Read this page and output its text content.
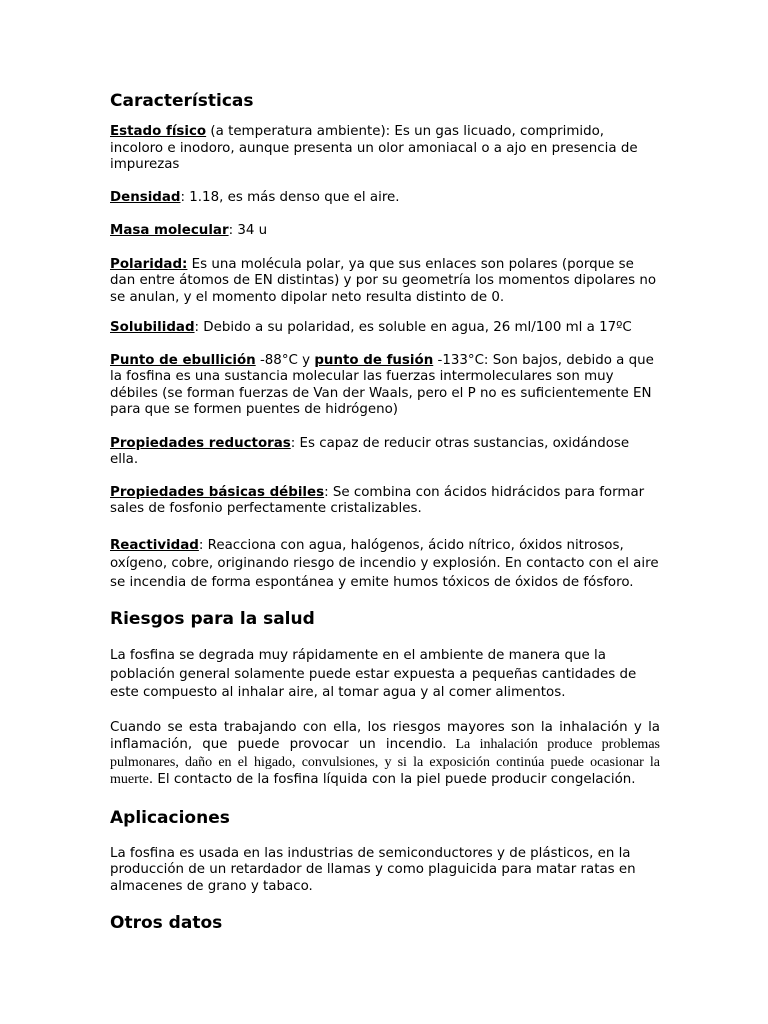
Características

Estado físico (a temperatura ambiente): Es un gas licuado, comprimido, incoloro e inodoro, aunque presenta un olor amoniacal o a ajo en presencia de impurezas

Densidad: 1.18, es más denso que el aire.

Masa molecular: 34 u

Polaridad: Es una molécula polar, ya que sus enlaces son polares (porque se dan entre átomos de EN distintas) y por su geometría los momentos dipolares no se anulan, y el momento dipolar neto resulta distinto de 0.

Solubilidad: Debido a su polaridad, es soluble en agua, 26 ml/100 ml a 17ºC

Punto de ebullición -88°C y punto de fusión -133°C: Son bajos, debido a que la fosfina es una sustancia molecular las fuerzas intermoleculares son muy débiles (se forman fuerzas de Van der Waals, pero el P no es suficientemente EN para que se formen puentes de hidrógeno)

Propiedades reductoras: Es capaz de reducir otras sustancias, oxidándose ella.

Propiedades básicas débiles: Se combina con ácidos hidrácidos para formar sales de fosfonio perfectamente cristalizables.

Reactividad: Reacciona con agua, halógenos, ácido nítrico, óxidos nitrosos, oxígeno, cobre, originando riesgo de incendio y explosión. En contacto con el aire se incendia de forma espontánea y emite humos tóxicos de óxidos de fósforo.

Riesgos para la salud

La fosfina se degrada muy rápidamente en el ambiente de manera que la población general solamente puede estar expuesta a pequeñas cantidades de este compuesto al inhalar aire, al tomar agua y al comer alimentos.

Cuando se esta trabajando con ella, los riesgos mayores son la inhalación y la inflamación, que puede provocar un incendio. La inhalación produce problemas pulmonares, daño en el higado, convulsiones, y si la exposición continúa puede ocasionar la muerte. El contacto de la fosfina líquida con la piel puede producir congelación.

Aplicaciones

La fosfina es usada en las industrias de semiconductores y de plásticos, en la producción de un retardador de llamas y como plaguicida para matar ratas en almacenes de grano y tabaco.

Otros datos
